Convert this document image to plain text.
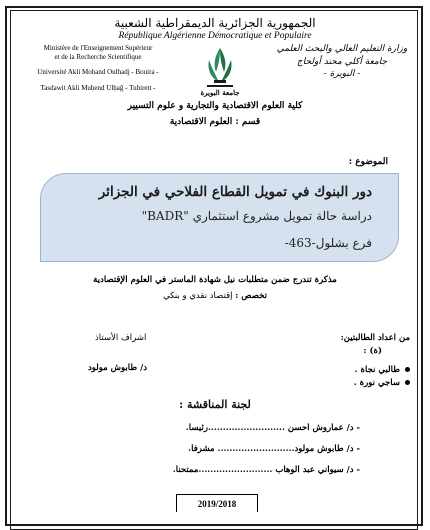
الجمهورية الجزائرية الديمقراطية الشعبية
République Algérienne Démocratique et Populaire
Ministère de l'Enseignement Supérieur
et de la Recherche Scientifique
Université Akli Mohand Oulhadj - Bouira -
Tasdawit Akli Muḥend Ulḥağ - Tubirett -
وزارة التعليم العالي والبحث العلمي
جامعة أكلي محند أولحاج
- البويرة -
جامعة البويرة
كلية العلوم الاقتصادية والتجارية و علوم التسيير
قسم : العلوم الاقتصادية
الموضوع :
دور البنوك في تمويل القطاع الفلاحي في الجزائر
دراسة حالة تمويل مشروع استثماري "BADR"
فرع بشلول-463-
مذكرة تندرج ضمن متطلبات نيل شهادة الماستر في العلوم الإقتصادية
تخصص : إقتصاد نقدي و بنكي
من اعداد الطالبتين:
(ة) :
اشراف الأستاذ
د/ طابوش مولود	طالبي نجاة .
ساجي نورة .
لجنة المناقشة :
- د/ عماروش احسن ..........................رئيسا.
- د/ طابوش مولود.......................... مشرفا.
- د/ سيواني عبد الوهاب .........................ممتحنا.
2019/2018
